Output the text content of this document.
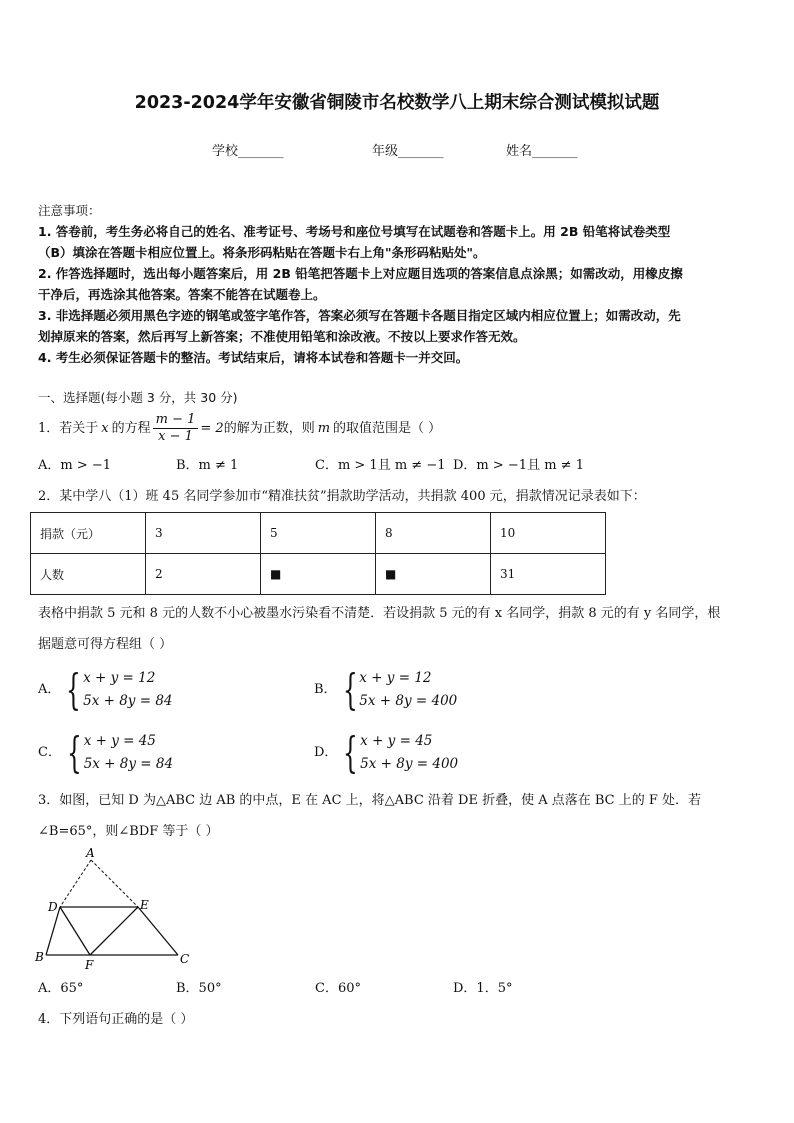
2023-2024学年安徽省铜陵市名校数学八上期末综合测试模拟试题
学校_______	年级_______	姓名_______
注意事项：
1. 答卷前，考生务必将自己的姓名、准考证号、考场号和座位号填写在试题卷和答题卡上。用 2B 铅笔将试卷类型
（B）填涂在答题卡相应位置上。将条形码粘贴在答题卡右上角"条形码粘贴处"。
2. 作答选择题时，选出每小题答案后，用 2B 铅笔把答题卡上对应题目选项的答案信息点涂黑；如需改动，用橡皮擦
干净后，再选涂其他答案。答案不能答在试题卷上。
3. 非选择题必须用黑色字迹的钢笔或签字笔作答，答案必须写在答题卡各题目指定区域内相应位置上；如需改动，先
划掉原来的答案，然后再写上新答案；不准使用铅笔和涂改液。不按以上要求作答无效。
4. 考生必须保证答题卡的整洁。考试结束后，请将本试卷和答题卡一并交回。
一、选择题(每小题 3 分，共 30 分)
1．若关于 x 的方程 $\frac{m - 1}{x - 1} = 2$ 的解为正数，则 m 的取值范围是（ ）
A．m > −1	B．m ≠ 1	C．m > 1且 m ≠ −1 D．m > −1且 m ≠ 1
2．某中学八（1）班 45 名同学参加市“精准扶贫”捐款助学活动，共捐款 400 元，捐款情况记录表如下：
捐款（元）	3	5	8	10
人数	2	■	■	31
表格中捐款 5 元和 8 元的人数不小心被墨水污染看不清楚．若设捐款 5 元的有 x 名同学，捐款 8 元的有 y 名同学，根
据题意可得方程组（ ）
A． { x + y = 12
5x + 8y = 84
B． { x + y = 12
5x + 8y = 400
C． { x + y = 45
5x + 8y = 84
D． { x + y = 45
5x + 8y = 400
3．如图，已知 D 为△ABC 边 AB 的中点，E 在 AC 上，将△ABC 沿着 DE 折叠，使 A 点落在 BC 上的 F 处．若
∠B=65°，则∠BDF 等于（ ）
A
D	E
B
F	C
A．65°	B．50°	C．60°	D．1．5°
4．下列语句正确的是（ ）
